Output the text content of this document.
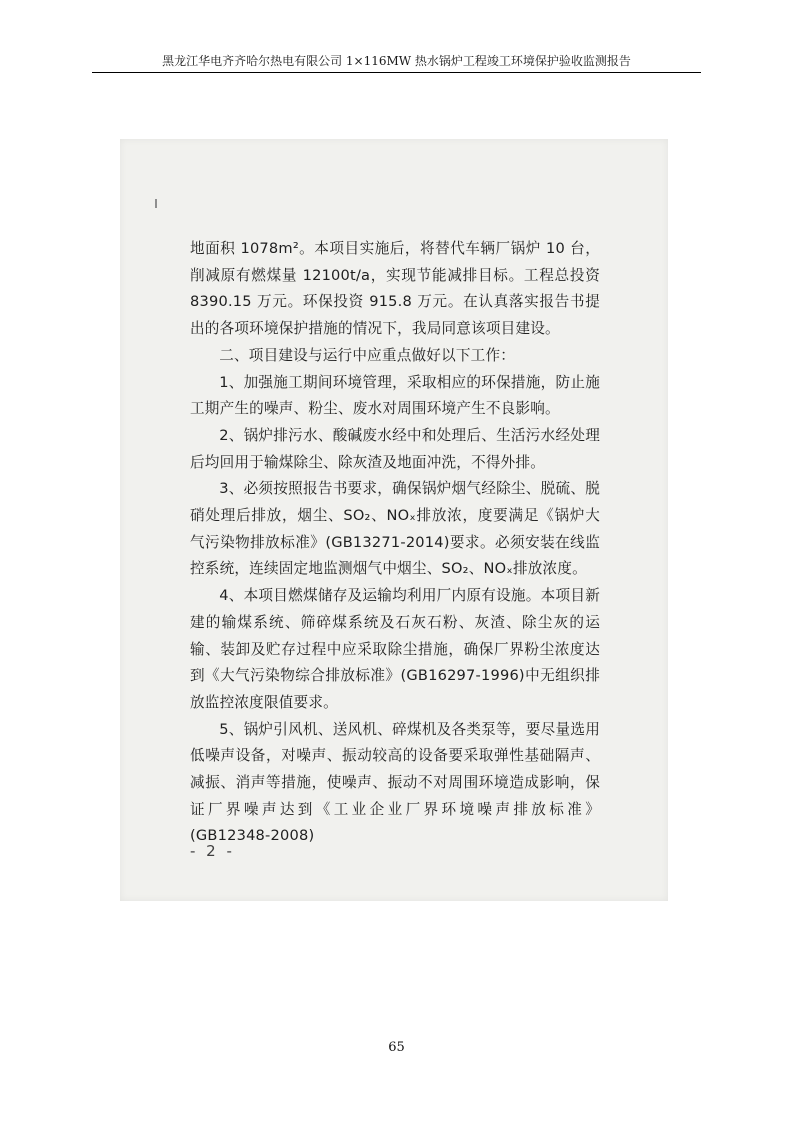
黑龙江华电齐齐哈尔热电有限公司 1×116MW 热水锅炉工程竣工环境保护验收监测报告

地面积 1078m²。本项目实施后，将替代车辆厂锅炉 10 台，削减原有燃煤量 12100t/a，实现节能减排目标。工程总投资 8390.15 万元。环保投资 915.8 万元。在认真落实报告书提出的各项环境保护措施的情况下，我局同意该项目建设。

二、项目建设与运行中应重点做好以下工作：

1、加强施工期间环境管理，采取相应的环保措施，防止施工期产生的噪声、粉尘、废水对周围环境产生不良影响。

2、锅炉排污水、酸碱废水经中和处理后、生活污水经处理后均回用于输煤除尘、除灰渣及地面冲洗，不得外排。

3、必须按照报告书要求，确保锅炉烟气经除尘、脱硫、脱硝处理后排放，烟尘、SO₂、NOₓ排放浓，度要满足《锅炉大气污染物排放标准》(GB13271-2014)要求。必须安装在线监控系统，连续固定地监测烟气中烟尘、SO₂、NOₓ排放浓度。

4、本项目燃煤储存及运输均利用厂内原有设施。本项目新建的输煤系统、筛碎煤系统及石灰石粉、灰渣、除尘灰的运输、装卸及贮存过程中应采取除尘措施，确保厂界粉尘浓度达到《大气污染物综合排放标准》(GB16297-1996)中无组织排放监控浓度限值要求。

5、锅炉引风机、送风机、碎煤机及各类泵等，要尽量选用低噪声设备，对噪声、振动较高的设备要采取弹性基础隔声、减振、消声等措施，使噪声、振动不对周围环境造成影响，保证厂界噪声达到《工业企业厂界环境噪声排放标准》(GB12348-2008)

- 2 -
65
